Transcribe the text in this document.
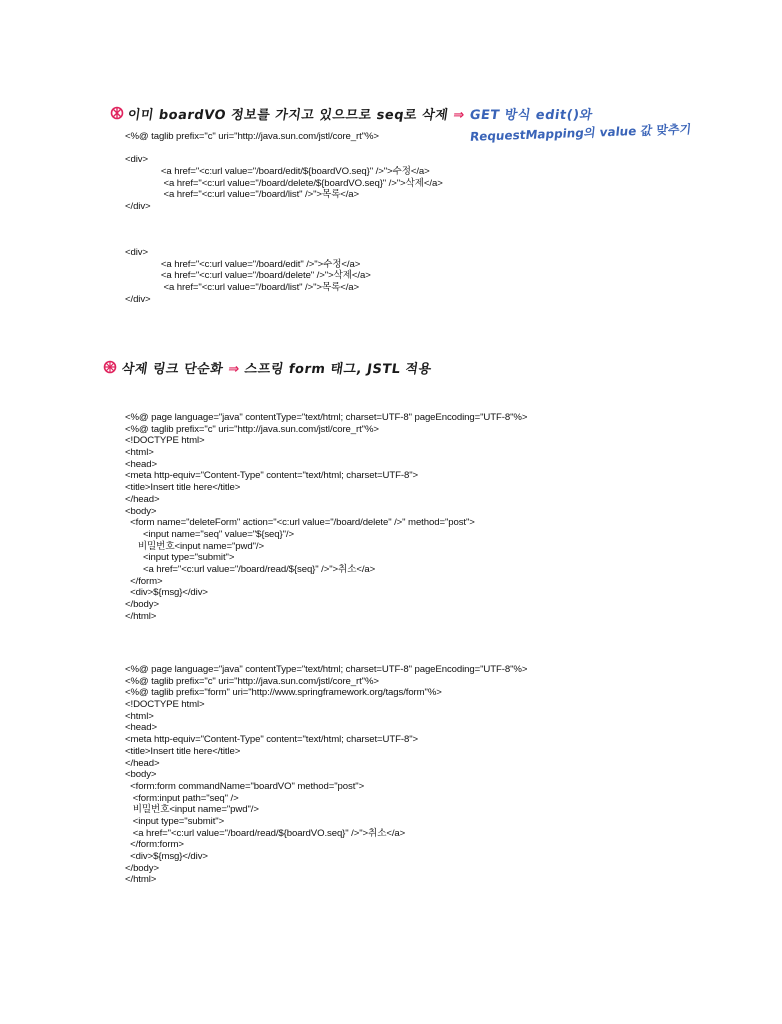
이미 boardVO 정보를 가지고 있으므로 seq로 삭제 ⇒ GET 방식 edit()와
RequestMapping의 value 값 맞추기
<%@ taglib prefix="c" uri="http://java.sun.com/jstl/core_rt"%>
<div>
<a href="<c:url value="/board/edit/${boardVO.seq}" />">수정</a>
<a href="<c:url value="/board/delete/${boardVO.seq}" />">삭제</a>
<a href="<c:url value="/board/list" />">목록</a>
</div>
<div>
<a href="<c:url value="/board/edit" />">수정</a>
<a href="<c:url value="/board/delete" />">삭제</a>
<a href="<c:url value="/board/list" />">목록</a>
</div>
삭제 링크 단순화 ⇒ 스프링 form 태그, JSTL 적용
<%@ page language="java" contentType="text/html; charset=UTF-8" pageEncoding="UTF-8"%>
<%@ taglib prefix="c" uri="http://java.sun.com/jstl/core_rt"%>
<!DOCTYPE html>
<html>
<head>
<meta http-equiv="Content-Type" content="text/html; charset=UTF-8">
<title>Insert title here</title>
</head>
<body>
<form name="deleteForm" action="<c:url value="/board/delete" />" method="post">
<input name="seq" value="${seq}"/>
비밀번호<input name="pwd"/>
<input type="submit">
<a href="<c:url value="/board/read/${seq}" />">취소</a>
</form>
<div>${msg}</div>
</body>
</html>
<%@ page language="java" contentType="text/html; charset=UTF-8" pageEncoding="UTF-8"%>
<%@ taglib prefix="c" uri="http://java.sun.com/jstl/core_rt"%>
<%@ taglib prefix="form" uri="http://www.springframework.org/tags/form"%>
<!DOCTYPE html>
<html>
<head>
<meta http-equiv="Content-Type" content="text/html; charset=UTF-8">
<title>Insert title here</title>
</head>
<body>
<form:form commandName="boardVO" method="post">
<form:input path="seq" />
비밀번호<input name="pwd"/>
<input type="submit">
<a href="<c:url value="/board/read/${boardVO.seq}" />">취소</a>
</form:form>
<div>${msg}</div>
</body>
</html>
